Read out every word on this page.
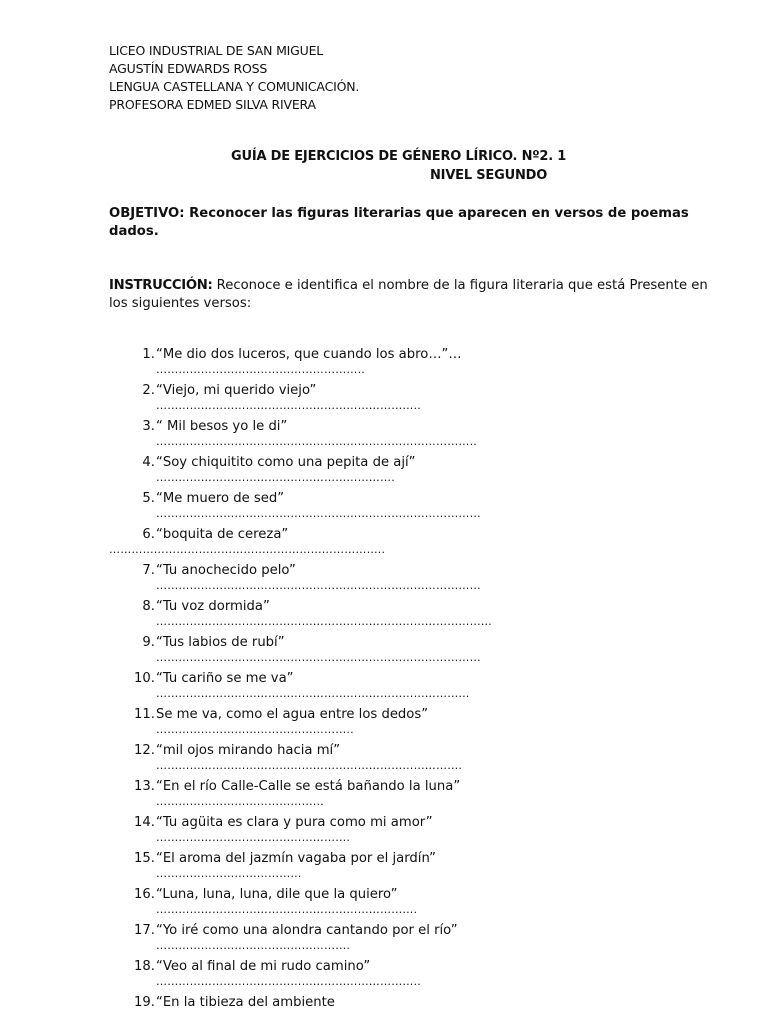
LICEO INDUSTRIAL DE SAN MIGUEL
AGUSTÍN EDWARDS ROSS
LENGUA CASTELLANA Y COMUNICACIÓN.
PROFESORA EDMED SILVA RIVERA
GUÍA DE EJERCICIOS DE GÉNERO LÍRICO. Nº2. 1
NIVEL SEGUNDO
OBJETIVO: Reconocer las figuras literarias que aparecen en versos de poemas dados.
INSTRUCCIÓN: Reconoce e identifica el nombre de la figura literaria que está Presente en los siguientes versos:
1. “Me dio dos luceros, que cuando los abro…”…
………………………………………………..
2. “Viejo, mi querido viejo”
……………………………………………………………..
3. “ Mil besos yo le di”
…………………………………………………………………………..
4. “Soy chiquitito como una pepita de ají”
……………………………………………………….
5. “Me muero de sed”
……………………………………………………………………………
6. “boquita de cereza”
………………………………………………………………..
7. “Tu anochecido pelo”
……………………………………………………………………………
8. “Tu voz dormida”
………………………………………………………………………………
9. “Tus labios de rubí”
……………………………………………………………………………
10. “Tu cariño se me va”
…………………………………………………………………………
11. Se me va, como el agua entre los dedos”
……………………………………………..
12. “mil ojos mirando hacia mí”
……………………………………………………………………….
13. “En el río Calle-Calle se está bañando la luna”
………………………………………
14. “Tu agüita es clara y pura como mi amor”
…………………………………………….
15. “El aroma del jazmín vagaba por el jardín”
…………………………………
16. “Luna, luna, luna, dile que la quiero”
…………………………………………………………….
17. “Yo iré como una alondra cantando por el río”
…………………………………………….
18. “Veo al final de mi rudo camino”
……………………………………………………………..
19. “En la tibieza del ambiente
